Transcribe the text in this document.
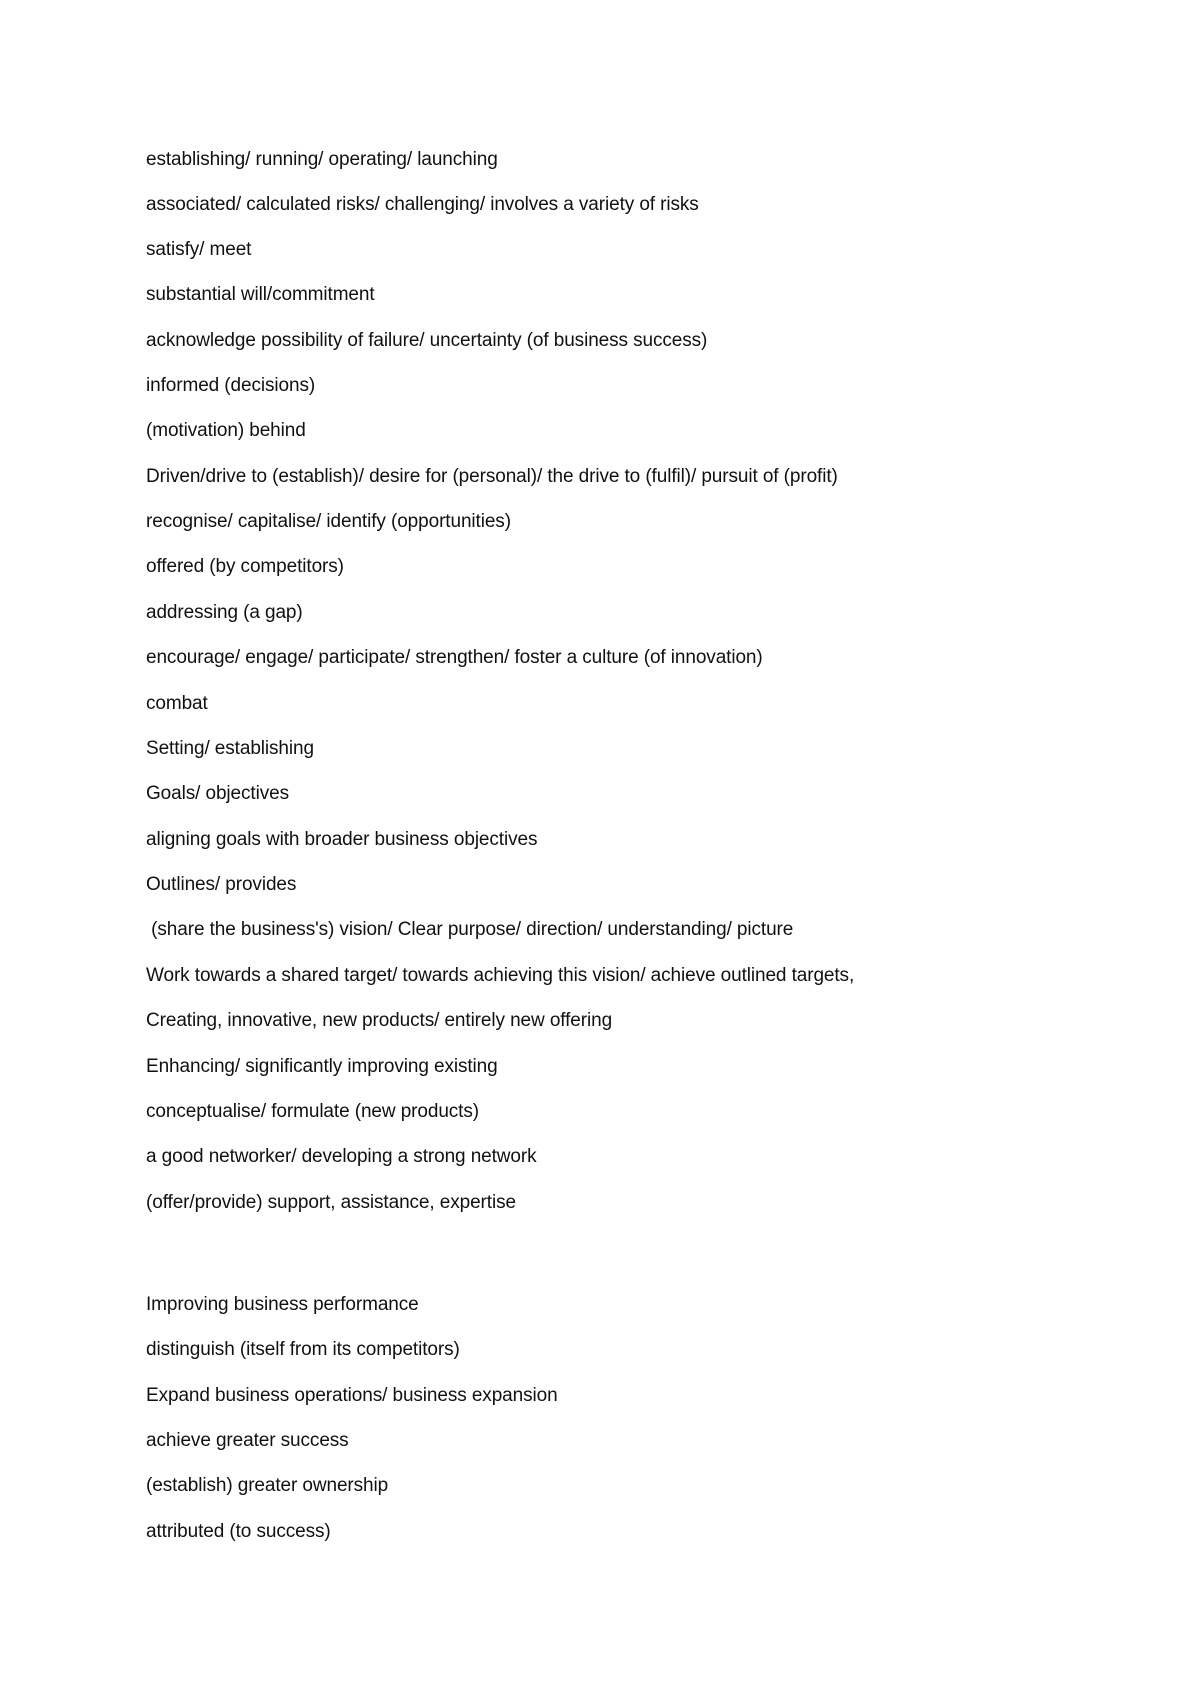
establishing/ running/ operating/ launching
associated/ calculated risks/ challenging/ involves a variety of risks
satisfy/ meet
substantial will/commitment
acknowledge possibility of failure/ uncertainty (of business success)
informed (decisions)
(motivation) behind
Driven/drive to (establish)/ desire for (personal)/ the drive to (fulfil)/ pursuit of (profit)
recognise/ capitalise/ identify (opportunities)
offered (by competitors)
addressing (a gap)
encourage/ engage/ participate/ strengthen/ foster a culture (of innovation)
combat
Setting/ establishing
Goals/ objectives
aligning goals with broader business objectives
Outlines/ provides
(share the business's) vision/ Clear purpose/ direction/ understanding/ picture
Work towards a shared target/ towards achieving this vision/ achieve outlined targets,
Creating, innovative, new products/ entirely new offering
Enhancing/ significantly improving existing
conceptualise/ formulate (new products)
a good networker/ developing a strong network
(offer/provide) support, assistance, expertise
Improving business performance
distinguish (itself from its competitors)
Expand business operations/ business expansion
achieve greater success
(establish) greater ownership
attributed (to success)
